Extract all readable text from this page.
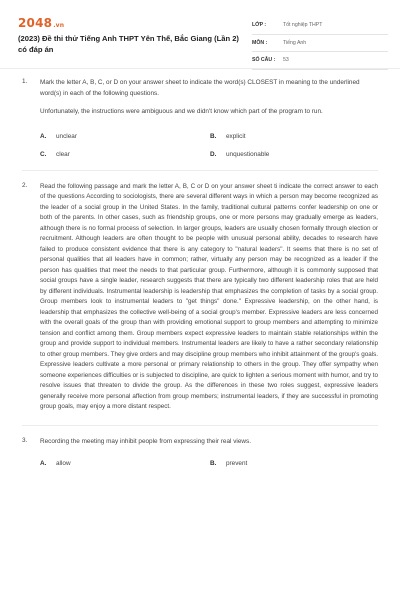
2048.vn
(2023) Đề thi thử Tiếng Anh THPT Yên Thế, Bắc Giang (Lần 2) có đáp án
LỚP :	Tốt nghiệp THPT
MÔN :	Tiếng Anh
SỐ CÂU :	53
1. Mark the letter A, B, C, or D on your answer sheet to indicate the word(s) CLOSEST in meaning to the underlined word(s) in each of the following questions.

Unfortunately, the instructions were ambiguous and we didn't know which part of the program to run.

A.	unclear	B.	explicit
C.	clear	D.	unquestionable
2. Read the following passage and mark the letter A, B, C or D on your answer sheet ti indicate the correct answer to each of the questions According to sociologists, there are several different ways in which a person may become recognized as the leader of a social group in the United States. In the family, traditional cultural patterns confer leadership on one or both of the parents. In other cases, such as friendship groups, one or more persons may gradually emerge as leaders, although there is no formal process of selection. In larger groups, leaders are usually chosen formally through election or recruitment. Although leaders are often thought to be people with unusual personal ability, decades to research have failed to produce consistent evidence that there is any category to "natural leaders". It seems that there is no set of personal qualities that all leaders have in common; rather, virtually any person may be recognized as a leader if the person has qualities that meet the needs to that particular group. Furthermore, although it is commonly supposed that social groups have a single leader, research suggests that there are typically two different leadership roles that are held by different individuals. Instrumental leadership is leadership that emphasizes the completion of tasks by a social group. Group members look to instrumental leaders to "get things" done." Expressive leadership, on the other hand, is leadership that emphasizes the collective well-being of a social group's member. Expressive leaders are less concerned with the overall goals of the group than with providing emotional support to group members and attempting to minimize tension and conflict among them. Group members expect expressive leaders to maintain stable relationships within the group and provide support to individual members. Instrumental leaders are likely to have a rather secondary relationship to other group members. They give orders and may discipline group members who inhibit attainment of the group's goals. Expressive leaders cultivate a more personal or primary relationship to others in the group. They offer sympathy when someone experiences difficulties or is subjected to discipline, are quick to lighten a serious moment with humor, and try to resolve issues that threaten to divide the group. As the differences in these two roles suggest, expressive leaders generally receive more personal affection from group members; instrumental leaders, if they are successful in promoting group goals, may enjoy a more distant respect.

3. Recording the meeting may inhibit people from expressing their real views.

A.	allow	B.	prevent
